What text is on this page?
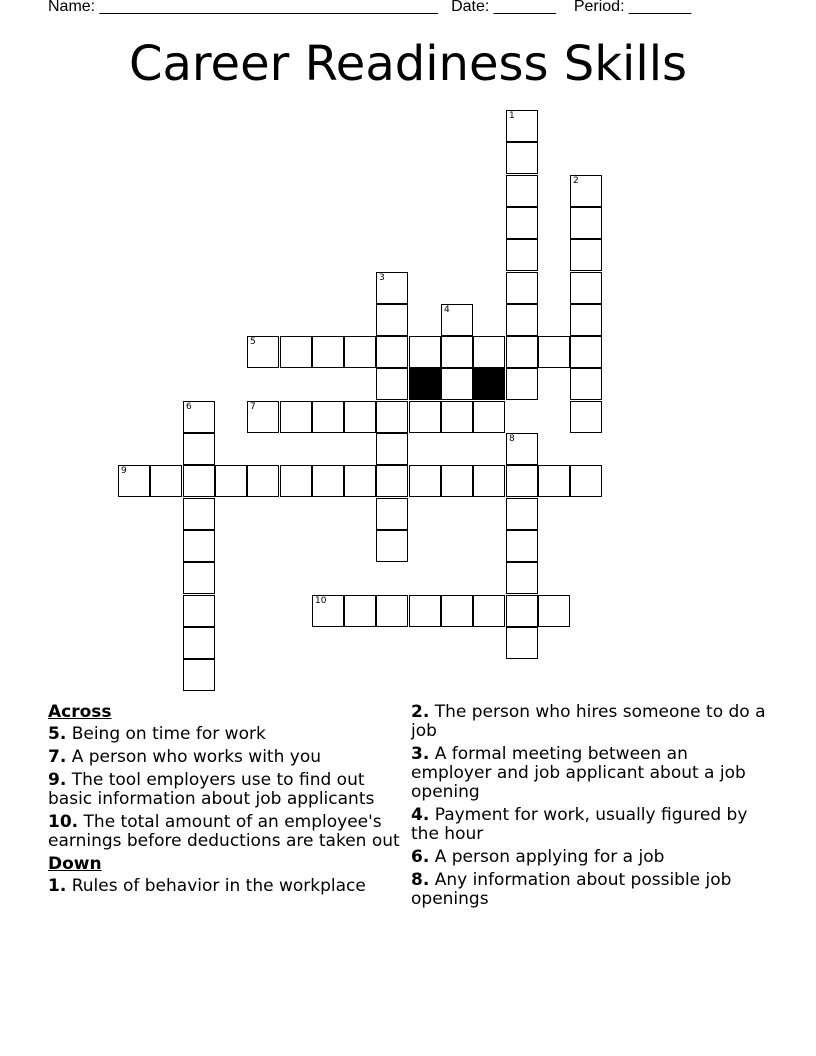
Name: ______________________________________ Date: _______ Period: _______
Career Readiness Skills
1
2
3
4
5
6	7
8
9
10
Across
5. Being on time for work
7. A person who works with you
9. The tool employers use to find out basic information about job applicants
10. The total amount of an employee's earnings before deductions are taken out
Down
1. Rules of behavior in the workplace
2. The person who hires someone to do a job
3. A formal meeting between an employer and job applicant about a job opening
4. Payment for work, usually figured by the hour
6. A person applying for a job
8. Any information about possible job openings
